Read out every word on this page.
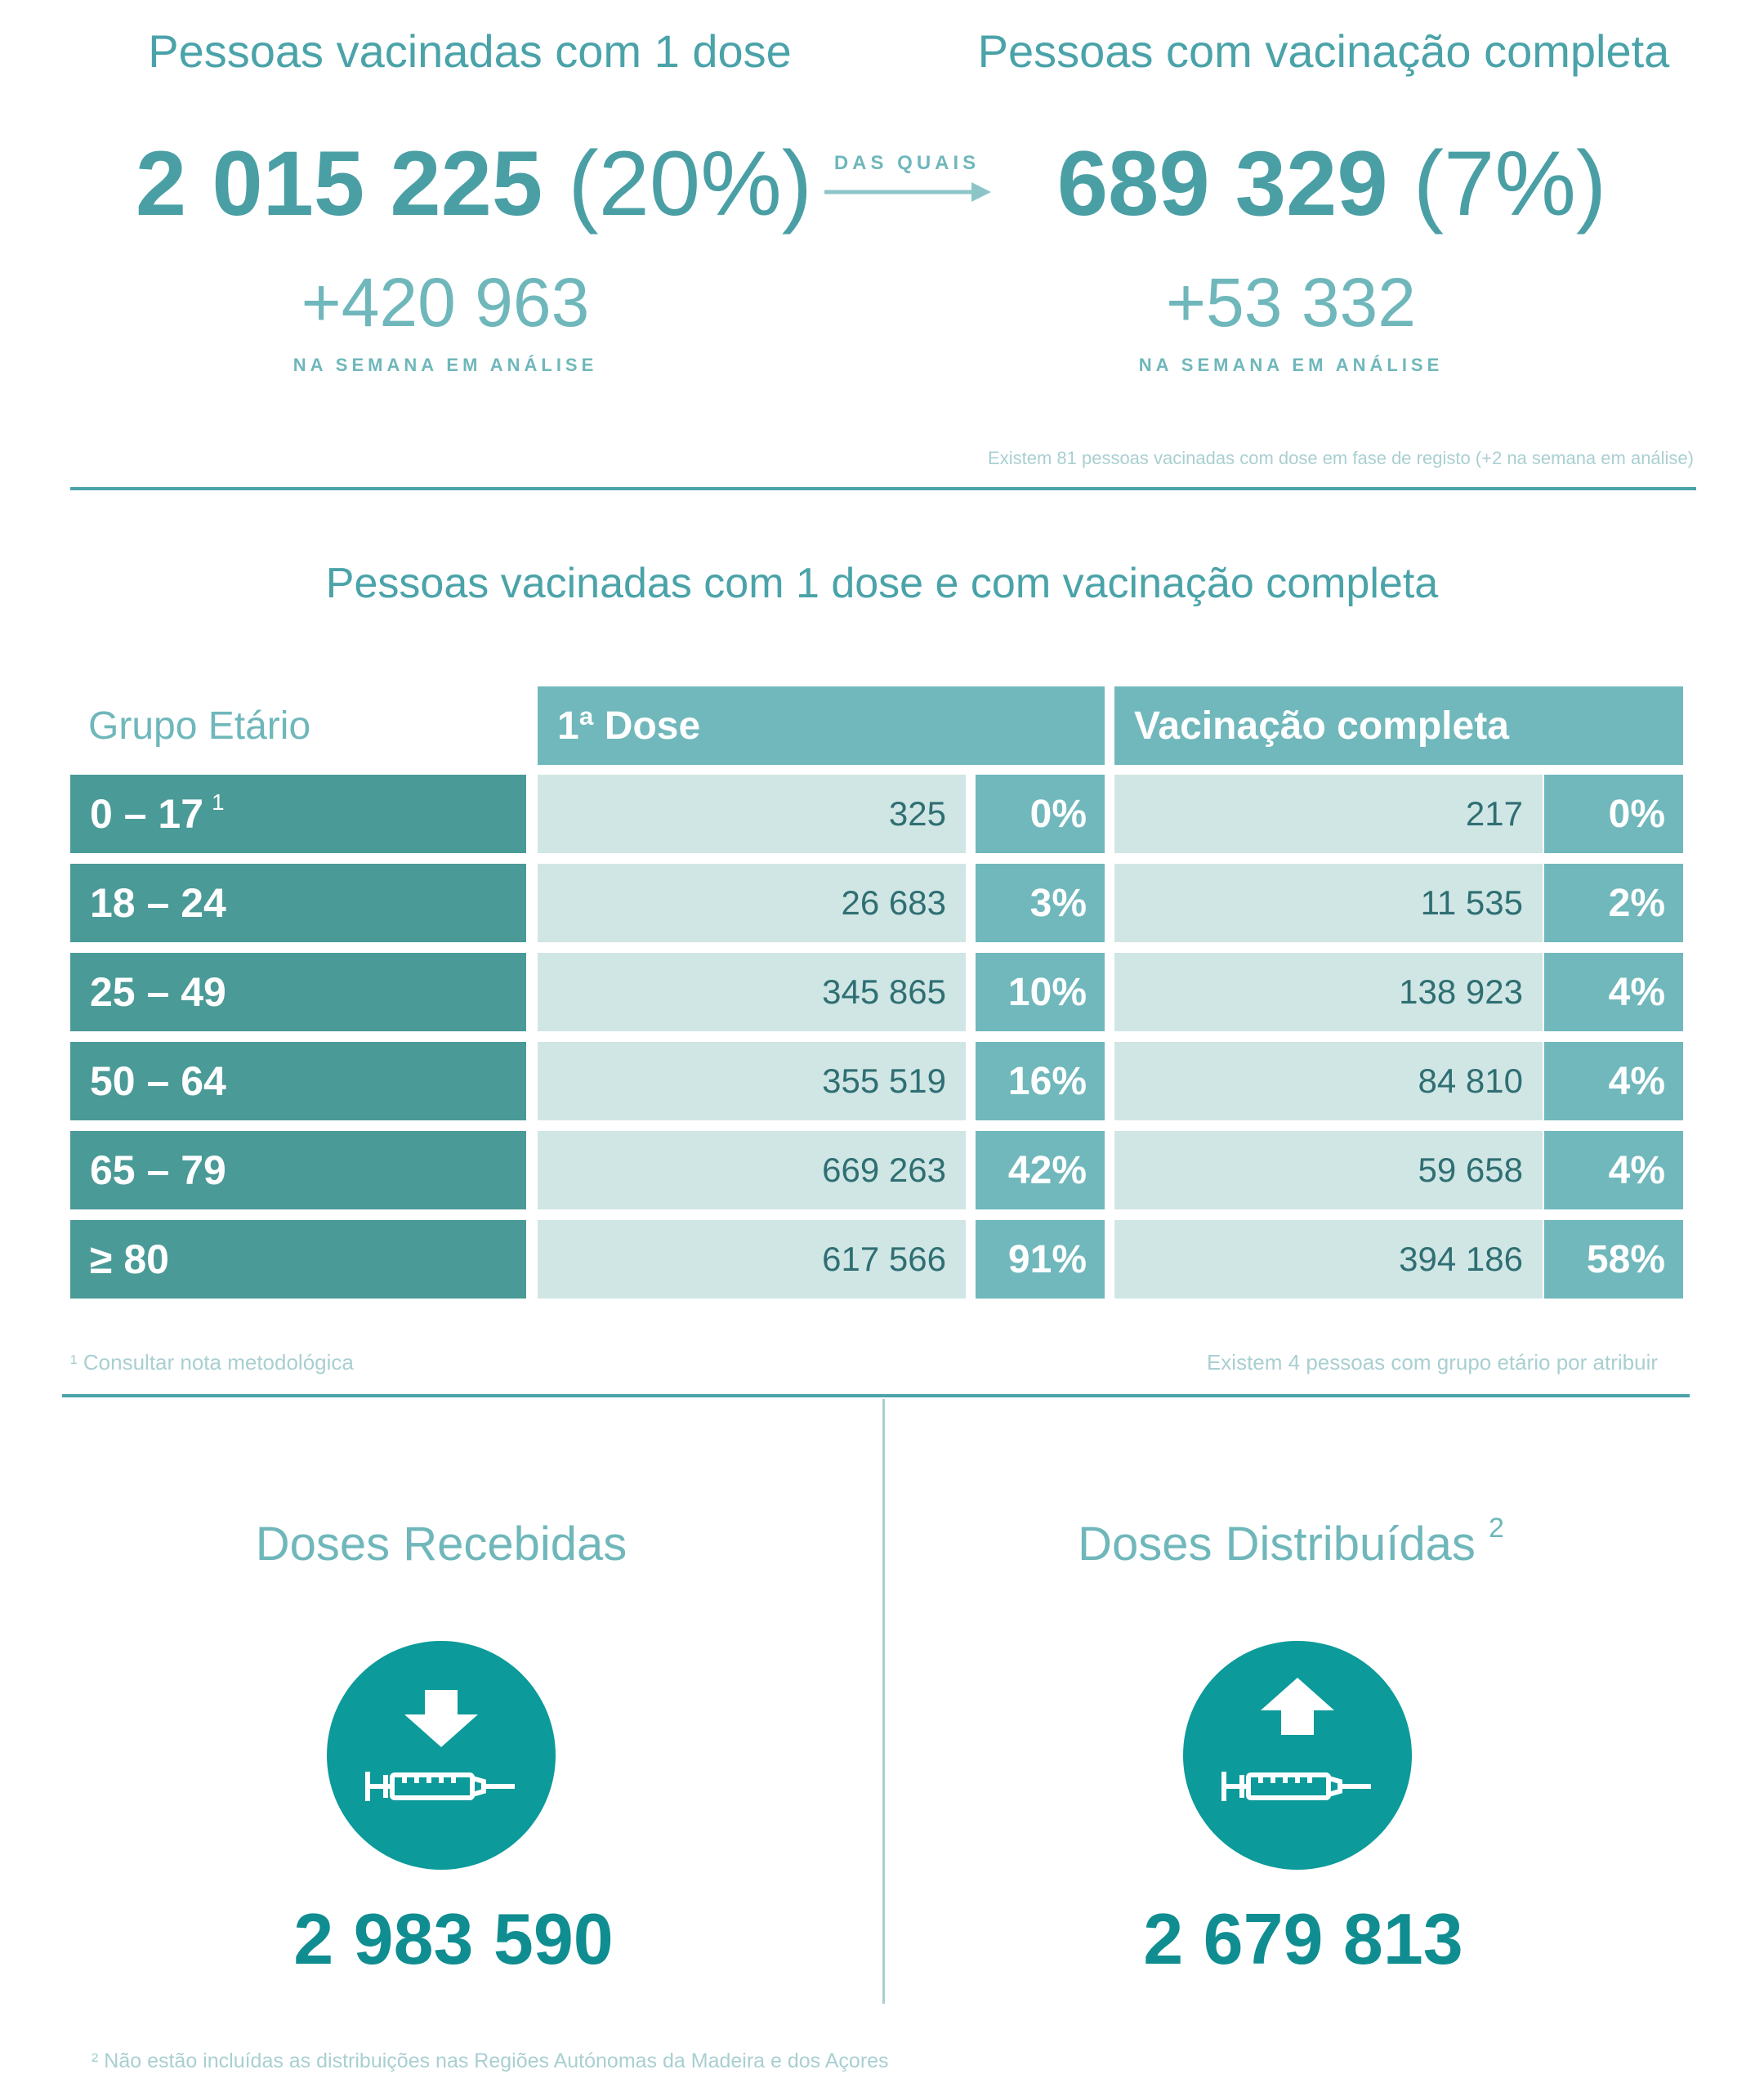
Pessoas vacinadas com 1 dose	Pessoas com vacinação completa
2 015 225 (20%)	DAS QUAIS 689 329 (7%)
+420 963	+53 332
NA SEMANA EM ANÁLISE	NA SEMANA EM ANÁLISE
Existem 81 pessoas vacinadas com dose em fase de registo (+2 na semana em análise)
Pessoas vacinadas com 1 dose e com vacinação completa
Grupo Etário	1ª Dose	Vacinação completa
0 – 17 $^1$	325 0%	217 0%
18 – 24	26 683 3%	11 535 2%
25 – 49	345 865 10%	138 923 4%
50 – 64	355 519 16%	84 810 4%
65 – 79	669 263 42%	59 658 4%
≥ 80	617 566 91%	394 186 58%
¹ Consultar nota metodológica	Existem 4 pessoas com grupo etário por atribuir
Doses Recebidas	Doses Distribuídas $^2$
2 983 590	2 679 813
² Não estão incluídas as distribuições nas Regiões Autónomas da Madeira e dos Açores
